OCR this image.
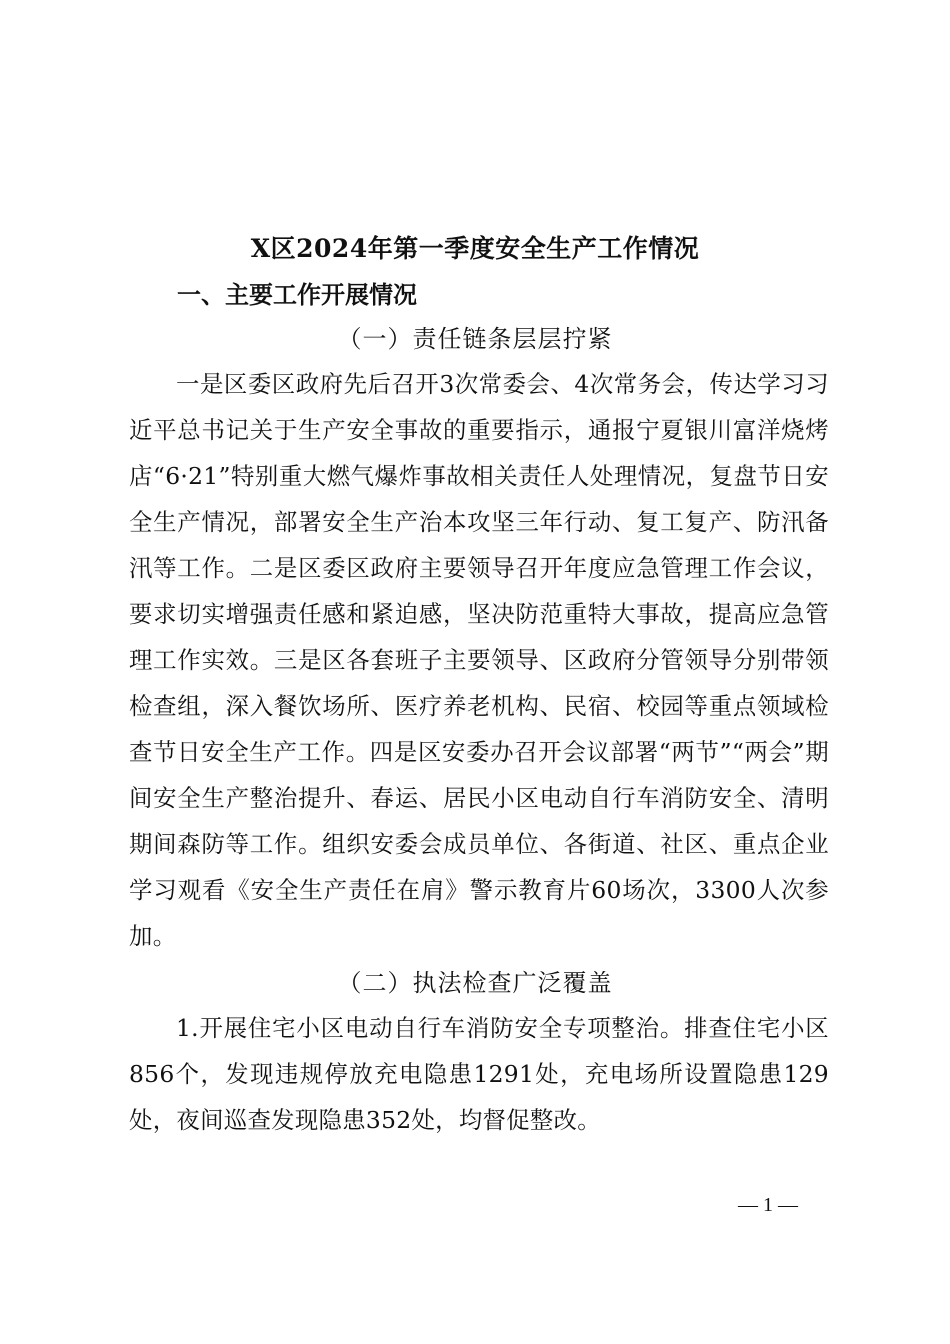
X区2024年第一季度安全生产工作情况
一、主要工作开展情况
（一）责任链条层层拧紧
一是区委区政府先后召开3次常委会、4次常务会，传达学习习近平总书记关于生产安全事故的重要指示，通报宁夏银川富洋烧烤店“6·21”特别重大燃气爆炸事故相关责任人处理情况，复盘节日安全生产情况，部署安全生产治本攻坚三年行动、复工复产、防汛备汛等工作。二是区委区政府主要领导召开年度应急管理工作会议，要求切实增强责任感和紧迫感，坚决防范重特大事故，提高应急管理工作实效。三是区各套班子主要领导、区政府分管领导分别带领检查组，深入餐饮场所、医疗养老机构、民宿、校园等重点领域检查节日安全生产工作。四是区安委办召开会议部署“两节”“两会”期间安全生产整治提升、春运、居民小区电动自行车消防安全、清明期间森防等工作。组织安委会成员单位、各街道、社区、重点企业学习观看《安全生产责任在肩》警示教育片60场次，3300人次参加。
（二）执法检查广泛覆盖
1.开展住宅小区电动自行车消防安全专项整治。排查住宅小区856个，发现违规停放充电隐患1291处，充电场所设置隐患129处，夜间巡查发现隐患352处，均督促整改。
— 1 —
